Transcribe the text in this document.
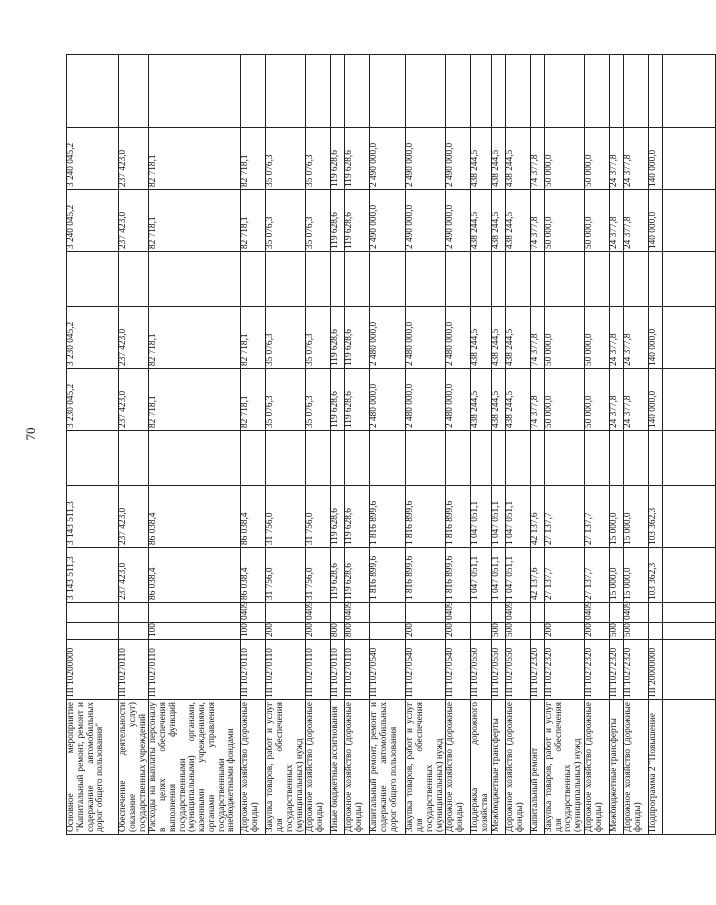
70
Основное мероприятие "Капитальный ремонт, ремонт и содержание автомобильных дорог общего пользования"	ПГ10200000			3 143 511,3	3 143 511,3		3 230 045,2	3 230 045,2		3 240 045,2	3 240 045,2	
Обеспечение деятельности (оказание услуг) государственных учреждений	ПГ10270110			237 423,0	237 423,0		237 423,0	237 423,0		237 423,0	237 423,0	
Расходы на выплаты персоналу в целях обеспечения выполнения функций государственными (муниципальными) органами, казенными учреждениями, органами управления государственными внебюджетными фондами	ПГ10270110	100		86 038,4	86 038,4		82 718,1	82 718,1		82 718,1	82 718,1	
Дорожное хозяйство (дорожные фонды)	ПГ10270110	100	0409	86 038,4	86 038,4		82 718,1	82 718,1		82 718,1	82 718,1	
Закупка товаров, работ и услуг для обеспечения государственных (муниципальных) нужд	ПГ10270110	200		31 756,0	31 756,0		35 076,3	35 076,3		35 076,3	35 076,3	
Дорожное хозяйство (дорожные фонды)	ПГ10270110	200	0409	31 756,0	31 756,0		35 076,3	35 076,3		35 076,3	35 076,3	
Иные бюджетные ассигнования	ПГ10270110	800		119 628,6	119 628,6		119 628,6	119 628,6		119 628,6	119 628,6	
Дорожное хозяйство (дорожные фонды)	ПГ10270110	800	0409	119 628,6	119 628,6		119 628,6	119 628,6		119 628,6	119 628,6	
Капитальный ремонт, ремонт и содержание автомобильных дорог общего пользования	ПГ10270540			1 816 899,6	1 816 899,6		2 480 000,0	2 480 000,0		2 490 000,0	2 490 000,0	
Закупка товаров, работ и услуг для обеспечения государственных (муниципальных) нужд	ПГ10270540	200		1 816 899,6	1 816 899,6		2 480 000,0	2 480 000,0		2 490 000,0	2 490 000,0	
Дорожное хозяйство (дорожные фонды)	ПГ10270540	200	0409	1 816 899,6	1 816 899,6		2 480 000,0	2 480 000,0		2 490 000,0	2 490 000,0	
Поддержка дорожного хозяйства	ПГ10270550			1 047 051,1	1 047 051,1		438 244,5	438 244,5		438 244,5	438 244,5	
Межбюджетные трансферты	ПГ10270550	500		1 047 051,1	1 047 051,1		438 244,5	438 244,5		438 244,5	438 244,5	
Дорожное хозяйство (дорожные фонды)	ПГ10270550	500	0409	1 047 051,1	1 047 051,1		438 244,5	438 244,5		438 244,5	438 244,5	
Капитальный ремонт	ПГ10272320			42 137,6	42 137,6		74 377,8	74 377,8		74 377,8	74 377,8	
Закупка товаров, работ и услуг для обеспечения государственных (муниципальных) нужд	ПГ10272320	200		27 137,7	27 137,7		50 000,0	50 000,0		50 000,0	50 000,0	
Дорожное хозяйство (дорожные фонды)	ПГ10272320	200	0409	27 137,7	27 137,7		50 000,0	50 000,0		50 000,0	50 000,0	
Межбюджетные трансферты	ПГ10272320	500		15 000,0	15 000,0		24 377,8	24 377,8		24 377,8	24 377,8	
Дорожное хозяйство (дорожные фонды)	ПГ10272320	500	0409	15 000,0	15 000,0		24 377,8	24 377,8		24 377,8	24 377,8	
Подпрограмма 2 "Повышение	ПГ20000000			103 362,3	103 362,3		140 000,0	140 000,0		140 000,0	140 000,0	
